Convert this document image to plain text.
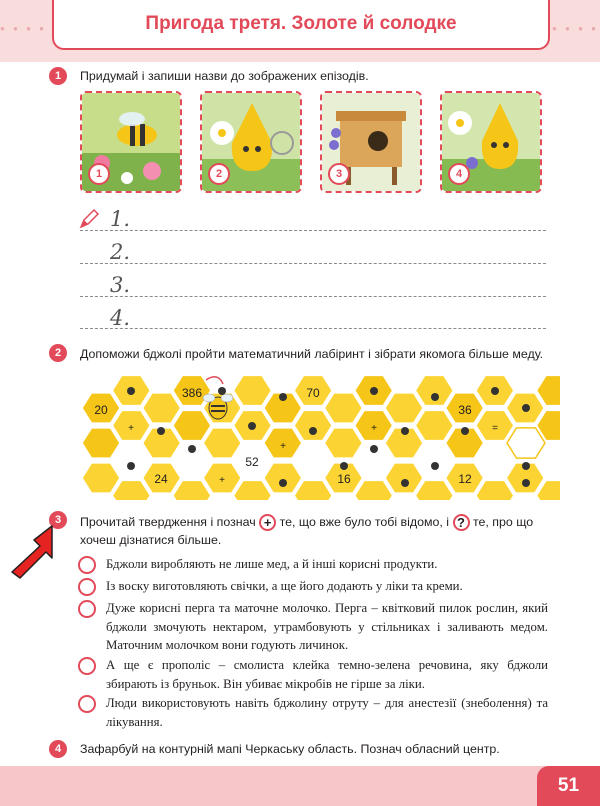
● ● ● ●	● ● ● ●
Пригода третя. Золоте й солодке
1	Придумай і запиши назви до зображених епізодів.
1	2	3	4
1.
2.
3.
4.
2	Допоможи бджолі пройти математичний лабіринт і зібрати якомога більше меду.
20
386	70
36
52
24	16	12
+
+
+
+
=
3	Прочитай твердження і познач + те, що вже було тобі відомо, і ? те, про що хочеш дізнатися більше.
Бджоли виробляють не лише мед, а й інші корисні продукти.
Із воску виготовляють свічки, а ще його додають у ліки та креми.
Дуже корисні перга та маточне молочко. Перга – квітковий пилок рослин, який бджоли змочують нектаром, утрамбовують у стільниках і заливають медом. Маточним молочком вони годують личинок.
А ще є прополіс – смолиста клейка темно-зелена речовина, яку бджоли збирають із бруньок. Він убиває мікробів не гірше за ліки.
Люди використовують навіть бджолину отруту – для анестезії (знеболення) та лікування.
4	Зафарбуй на контурній мапі Черкаську область. Познач обласний центр.
51
